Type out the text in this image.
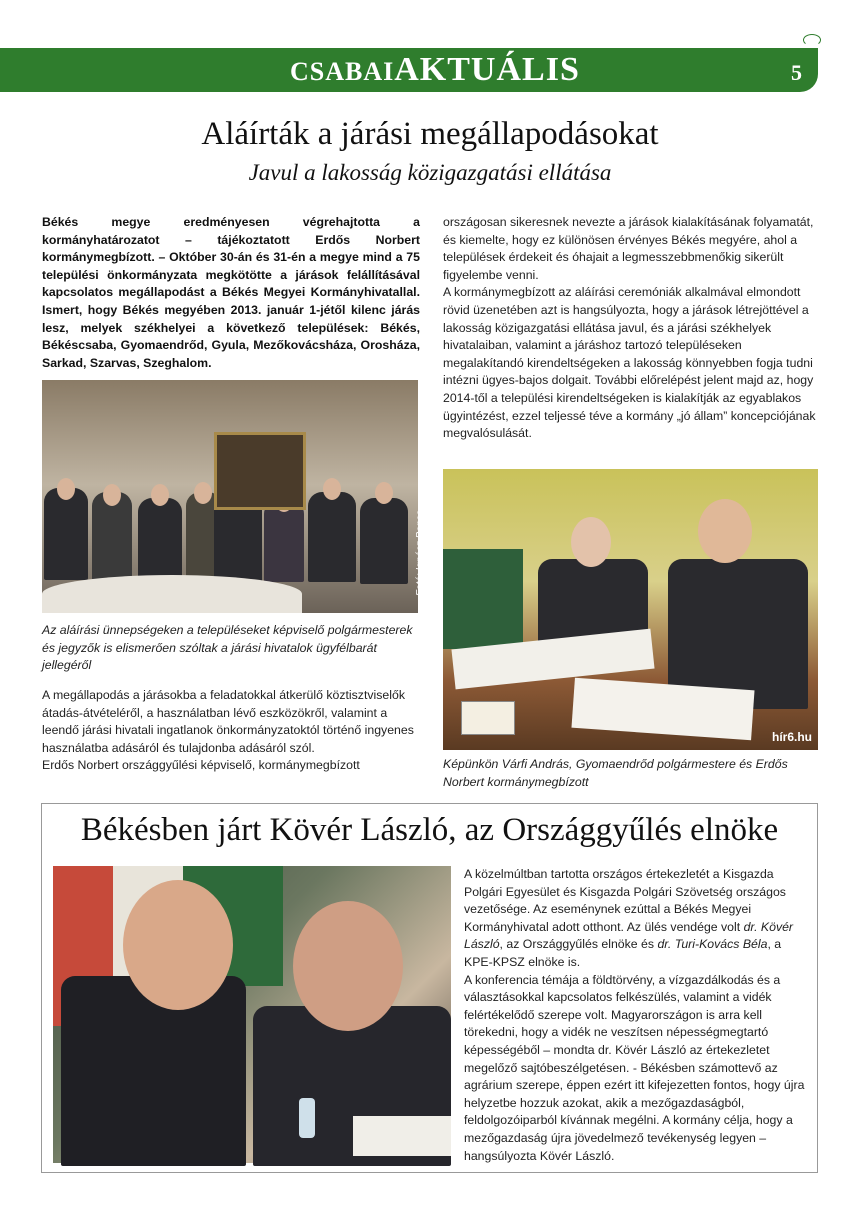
CSABAIAKTUÁLIS	5
Aláírták a járási megállapodásokat
Javul a lakosság közigazgatási ellátása
Békés megye eredményesen végrehajtotta a kormányhatározatot – tájékoztatott Erdős Norbert kormánymegbízott. – Október 30-án és 31-én a megye mind a 75 települési önkormányzata megkötötte a járások felállításával kapcsolatos megállapodást a Békés Megyei Kormányhivatallal. Ismert, hogy Békés megyében 2013. január 1-jétől kilenc járás lesz, melyek székhelyei a következő települések: Békés, Békéscsaba, Gyomaendrőd, Gyula, Mezőkovácsháza, Orosháza, Sarkad, Szarvas, Szeghalom.
Fotó: Ignácz Bence
Az aláírási ünnepségeken a településeket képviselő polgármesterek és jegyzők is elismerően szóltak a járási hivatalok ügyfélbarát jellegéről

A megállapodás a járásokba a feladatokkal átkerülő köztisztviselők átadás-átvételéről, a használatban lévő eszközökről, valamint a leendő járási hivatali ingatlanok önkormányzatoktól történő ingyenes használatba adásáról és tulajdonba adásáról szól.

Erdős Norbert országgyűlési képviselő, kormánymegbízott

országosan sikeresnek nevezte a járások kialakításának folyamatát, és kiemelte, hogy ez különösen érvényes Békés megyére, ahol a települések érdekeit és óhajait a legmesszebbmenőkig sikerült figyelembe venni.

A kormánymegbízott az aláírási ceremóniák alkalmával elmondott rövid üzenetében azt is hangsúlyozta, hogy a járások létrejöttével a lakosság közigazgatási ellátása javul, és a járási székhelyek hivatalaiban, valamint a járáshoz tartozó településeken megalakítandó kirendeltségeken a lakosság könnyebben fogja tudni intézni ügyes-bajos dolgait. További előrelépést jelent majd az, hogy 2014-től a települési kirendeltségeken is kialakítják az egyablakos ügyintézést, ezzel teljessé téve a kormány „jó állam” koncepciójának megvalósulását.

hír6.hu
Képünkön Várfi András, Gyomaendrőd polgármestere és Erdős Norbert kormánymegbízott
Békésben járt Kövér László, az Országgyűlés elnöke

A közelmúltban tartotta országos értekezletét a Kisgazda Polgári Egyesület és Kisgazda Polgári Szövetség országos vezetősége. Az eseménynek ezúttal a Békés Megyei Kormányhivatal adott otthont. Az ülés vendége volt dr. Kövér László, az Országgyűlés elnöke és dr. Turi-Kovács Béla, a KPE-KPSZ elnöke is.

A konferencia témája a földtörvény, a vízgazdálkodás és a választásokkal kapcsolatos felkészülés, valamint a vidék felértékelődő szerepe volt. Magyarországon is arra kell törekedni, hogy a vidék ne veszítsen népességmegtartó képességéből – mondta dr. Kövér László az értekezletet megelőző sajtóbeszélgetésen. - Békésben számottevő az agrárium szerepe, éppen ezért itt kifejezetten fontos, hogy újra helyzetbe hozzuk azokat, akik a mezőgazdaságból, feldolgozóiparból kívánnak megélni. A kormány célja, hogy a mezőgazdaság újra jövedelmező tevékenység legyen – hangsúlyozta Kövér László.
